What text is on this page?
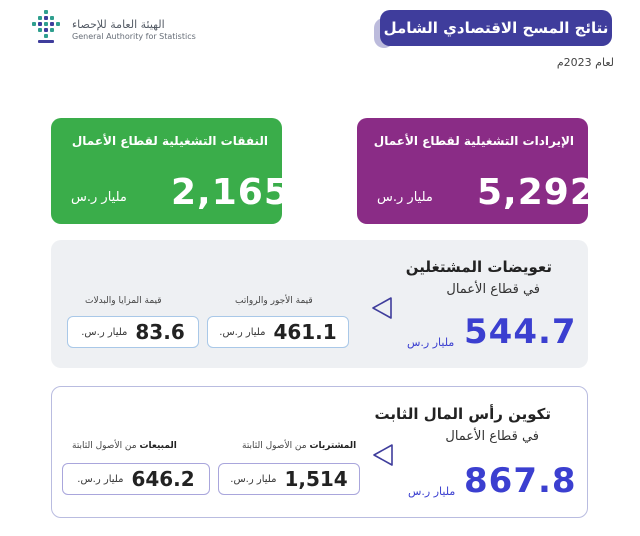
الهيئة العامة للإحصاء
General Authority for Statistics	نتائج المسح الاقتصادي الشامل
لعام 2023م
الإيرادات التشغيلية لقطاع الأعمال
5,292
مليار ر.س
النفقات التشغيلية لقطاع الأعمال
2,165
مليار ر.س
تعويضات المشتغلين
في قطاع الأعمال
544.7
مليار ر.س
قيمة الأجور والرواتب
مليار ر.س. 461.1
قيمة المزايا والبدلات
مليار ر.س. 83.6
تكوين رأس المال الثابت
في قطاع الأعمال
867.8
مليار ر.س
المشتريات من الأصول الثابتة
مليار ر.س. 1,514
المبيعات من الأصول الثابتة
مليار ر.س. 646.2
